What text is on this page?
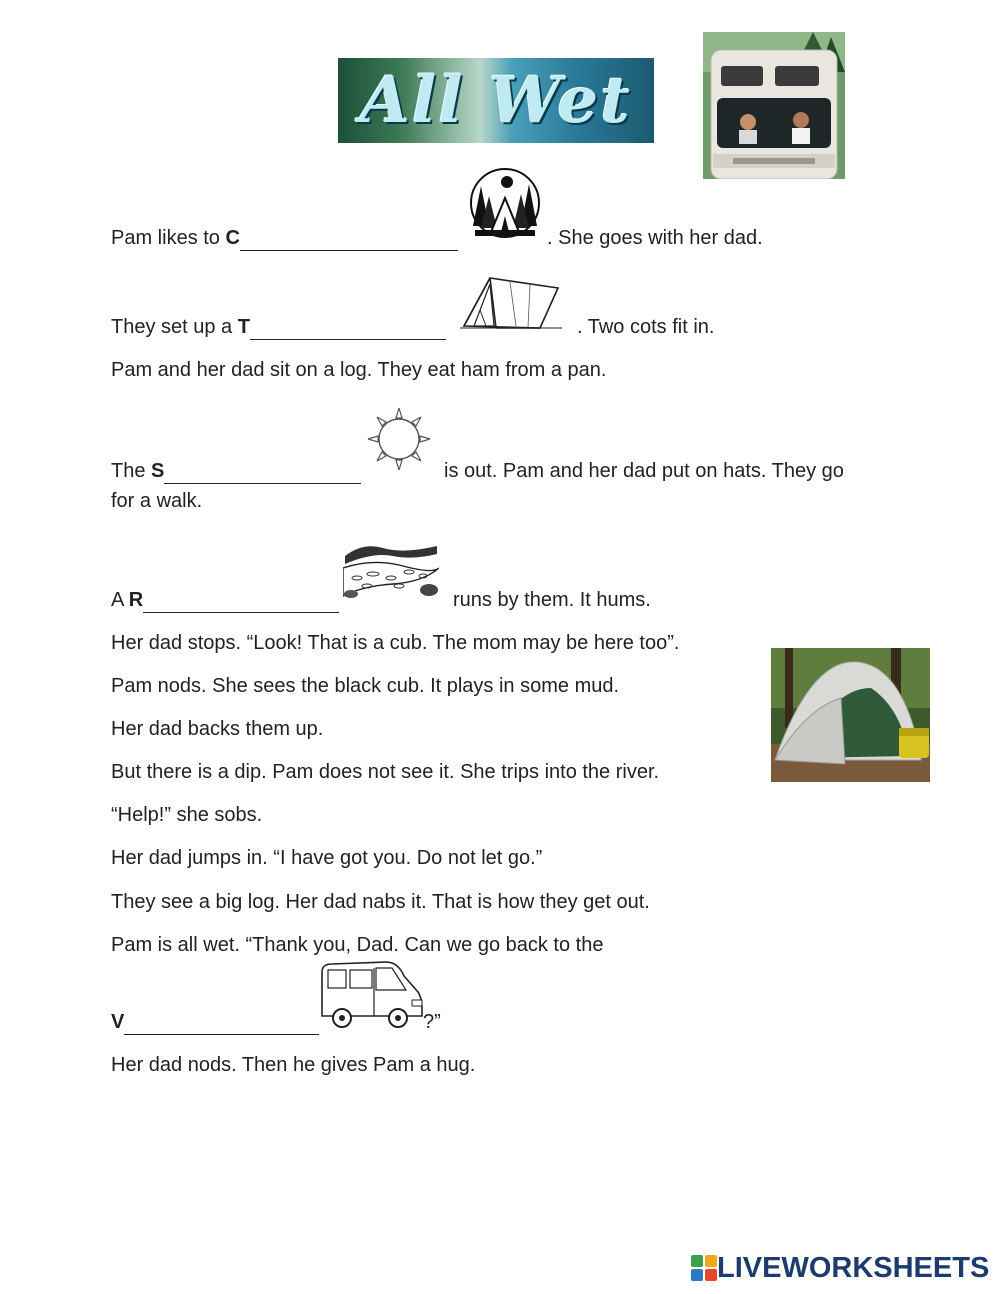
All Wet
Pam likes to C	. She goes with her dad.
They set up a T	. Two cots fit in.
Pam and her dad sit on a log. They eat ham from a pan.
The S	is out. Pam and her dad put on hats. They go
for a walk.
A R	runs by them. It hums.
Her dad stops. “Look! That is a cub. The mom may be here too”.
Pam nods. She sees the black cub. It plays in some mud.
Her dad backs them up.
But there is a dip. Pam does not see it. She trips into the river.
“Help!” she sobs.
Her dad jumps in. “I have got you. Do not let go.”
They see a big log. Her dad nabs it. That is how they get out.
Pam is all wet. “Thank you, Dad. Can we go back to the
V	?”
Her dad nods. Then he gives Pam a hug.
LIVEWORKSHEETS
